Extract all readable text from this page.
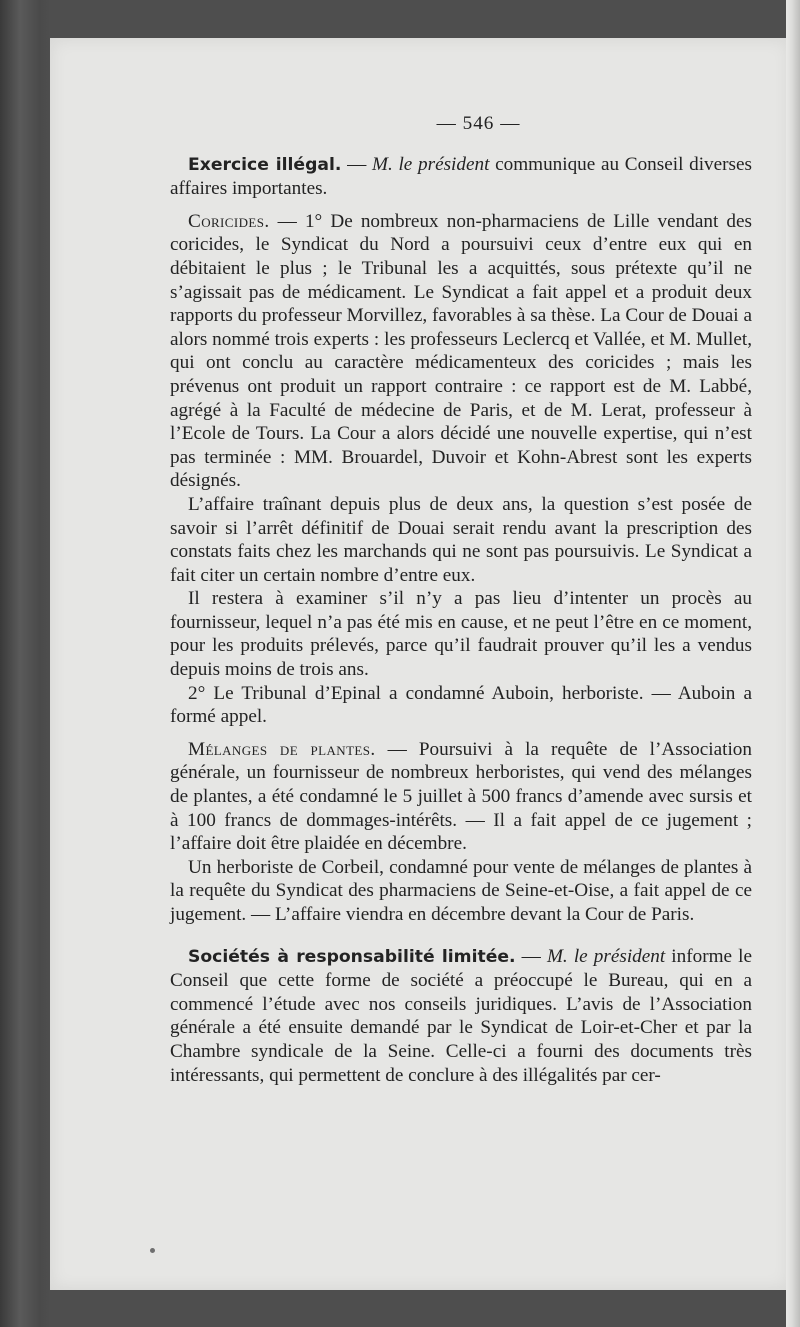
— 546 —

Exercice illégal. — M. le président communique au Conseil diverses affaires importantes.

Coricides. — 1° De nombreux non-pharmaciens de Lille vendant des coricides, le Syndicat du Nord a poursuivi ceux d’entre eux qui en débitaient le plus ; le Tribunal les a acquittés, sous prétexte qu’il ne s’agissait pas de médicament. Le Syndicat a fait appel et a produit deux rapports du professeur Morvillez, favorables à sa thèse. La Cour de Douai a alors nommé trois experts : les professeurs Leclercq et Vallée, et M. Mullet, qui ont conclu au caractère médicamenteux des coricides ; mais les prévenus ont produit un rapport contraire : ce rapport est de M. Labbé, agrégé à la Faculté de médecine de Paris, et de M. Lerat, professeur à l’Ecole de Tours. La Cour a alors décidé une nouvelle expertise, qui n’est pas terminée : MM. Brouardel, Duvoir et Kohn-Abrest sont les experts désignés.

L’affaire traînant depuis plus de deux ans, la question s’est posée de savoir si l’arrêt définitif de Douai serait rendu avant la prescription des constats faits chez les marchands qui ne sont pas poursuivis. Le Syndicat a fait citer un certain nombre d’entre eux.

Il restera à examiner s’il n’y a pas lieu d’intenter un procès au fournisseur, lequel n’a pas été mis en cause, et ne peut l’être en ce moment, pour les produits prélevés, parce qu’il faudrait prouver qu’il les a vendus depuis moins de trois ans.

2° Le Tribunal d’Epinal a condamné Auboin, herboriste. — Auboin a formé appel.

Mélanges de plantes. — Poursuivi à la requête de l’Association générale, un fournisseur de nombreux herboristes, qui vend des mélanges de plantes, a été condamné le 5 juillet à 500 francs d’amende avec sursis et à 100 francs de dommages-intérêts. — Il a fait appel de ce jugement ; l’affaire doit être plaidée en décembre.

Un herboriste de Corbeil, condamné pour vente de mélanges de plantes à la requête du Syndicat des pharmaciens de Seine-et-Oise, a fait appel de ce jugement. — L’affaire viendra en décembre devant la Cour de Paris.

Sociétés à responsabilité limitée. — M. le président informe le Conseil que cette forme de société a préoccupé le Bureau, qui en a commencé l’étude avec nos conseils juridiques. L’avis de l’Association générale a été ensuite demandé par le Syndicat de Loir-et-Cher et par la Chambre syndicale de la Seine. Celle-ci a fourni des documents très intéressants, qui permettent de conclure à des illégalités par cer-
